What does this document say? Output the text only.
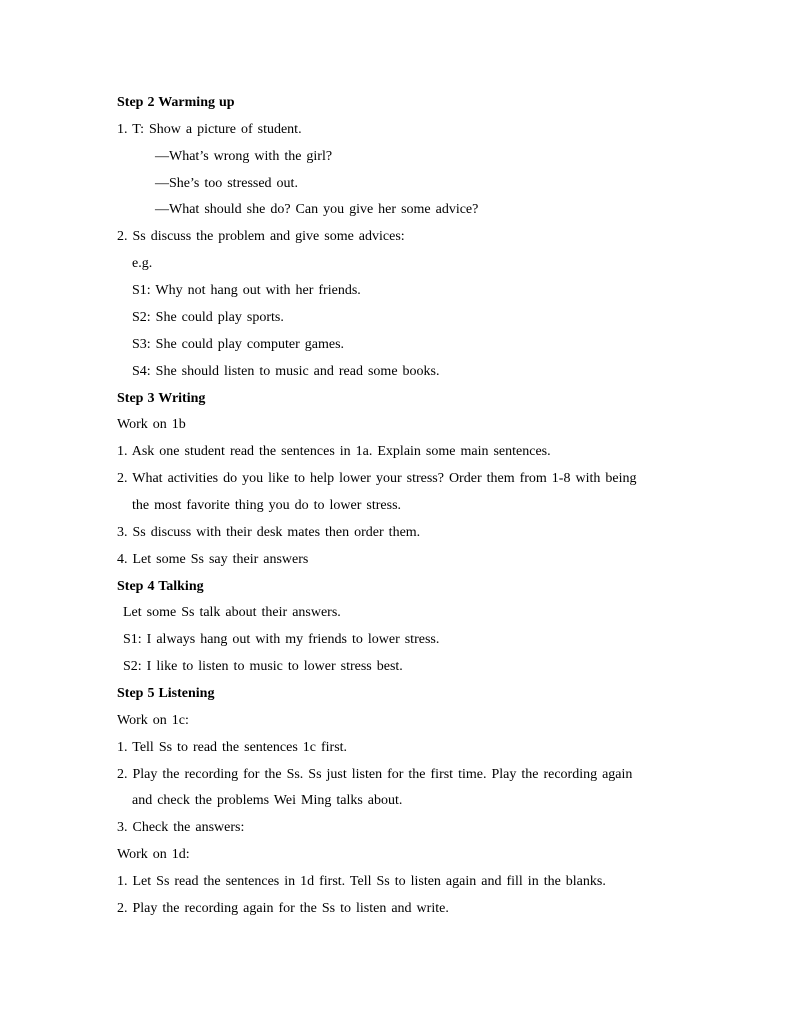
Step 2 Warming up
1. T: Show a picture of student.
—What’s wrong with the girl?
—She’s too stressed out.
—What should she do? Can you give her some advice?
2. Ss discuss the problem and give some advices:
e.g.
S1: Why not hang out with her friends.
S2: She could play sports.
S3: She could play computer games.
S4: She should listen to music and read some books.
Step 3 Writing
Work on 1b
1. Ask one student read the sentences in 1a. Explain some main sentences.
2. What activities do you like to help lower your stress? Order them from 1-8 with being
the most favorite thing you do to lower stress.
3. Ss discuss with their desk mates then order them.
4. Let some Ss say their answers
Step 4 Talking
Let some Ss talk about their answers.
S1: I always hang out with my friends to lower stress.
S2: I like to listen to music to lower stress best.
Step 5 Listening
Work on 1c:
1. Tell Ss to read the sentences 1c first.
2. Play the recording for the Ss. Ss just listen for the first time. Play the recording again
and check the problems Wei Ming talks about.
3. Check the answers:
Work on 1d:
1. Let Ss read the sentences in 1d first. Tell Ss to listen again and fill in the blanks.
2. Play the recording again for the Ss to listen and write.
